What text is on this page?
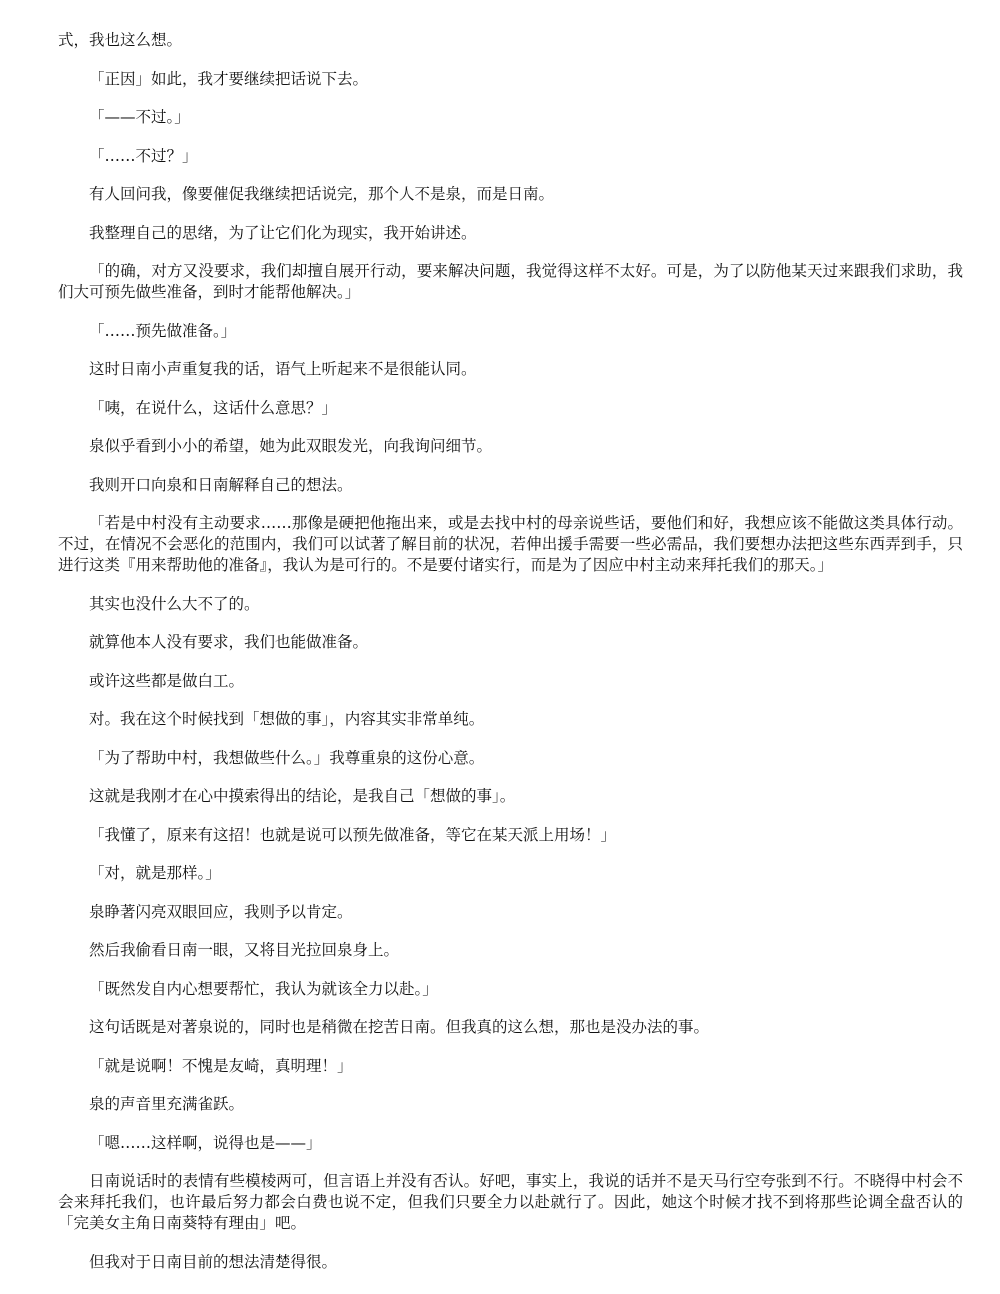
式，我也这么想。

「正因」如此，我才要继续把话说下去。

「——不过。」

「……不过？」

有人回问我，像要催促我继续把话说完，那个人不是泉，而是日南。

我整理自己的思绪，为了让它们化为现实，我开始讲述。

「的确，对方又没要求，我们却擅自展开行动，要来解决问题，我觉得这样不太好。可是，为了以防他某天过来跟我们求助，我们大可预先做些准备，到时才能帮他解决。」

「……预先做准备。」

这时日南小声重复我的话，语气上听起来不是很能认同。

「咦，在说什么，这话什么意思？」

泉似乎看到小小的希望，她为此双眼发光，向我询问细节。

我则开口向泉和日南解释自己的想法。

「若是中村没有主动要求……那像是硬把他拖出来，或是去找中村的母亲说些话，要他们和好，我想应该不能做这类具体行动。不过，在情况不会恶化的范围内，我们可以试著了解目前的状况，若伸出援手需要一些必需品，我们要想办法把这些东西弄到手，只进行这类『用来帮助他的准备』，我认为是可行的。不是要付诸实行，而是为了因应中村主动来拜托我们的那天。」

其实也没什么大不了的。

就算他本人没有要求，我们也能做准备。

或许这些都是做白工。

对。我在这个时候找到「想做的事」，内容其实非常单纯。

「为了帮助中村，我想做些什么。」我尊重泉的这份心意。

这就是我刚才在心中摸索得出的结论，是我自己「想做的事」。

「我懂了，原来有这招！也就是说可以预先做准备，等它在某天派上用场！」

「对，就是那样。」

泉睁著闪亮双眼回应，我则予以肯定。

然后我偷看日南一眼，又将目光拉回泉身上。

「既然发自内心想要帮忙，我认为就该全力以赴。」

这句话既是对著泉说的，同时也是稍微在挖苦日南。但我真的这么想，那也是没办法的事。

「就是说啊！不愧是友崎，真明理！」

泉的声音里充满雀跃。

「嗯……这样啊，说得也是——」

日南说话时的表情有些模棱两可，但言语上并没有否认。好吧，事实上，我说的话并不是天马行空夸张到不行。不晓得中村会不会来拜托我们，也许最后努力都会白费也说不定，但我们只要全力以赴就行了。因此，她这个时候才找不到将那些论调全盘否认的「完美女主角日南葵特有理由」吧。

但我对于日南目前的想法清楚得很。
